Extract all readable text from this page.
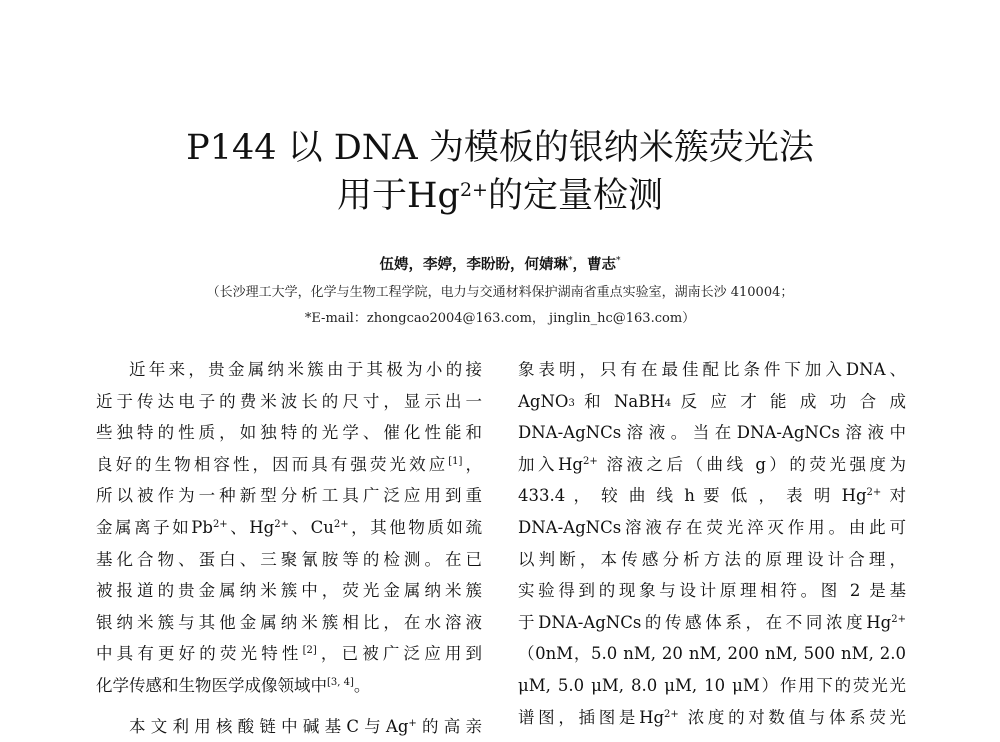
P144 以 DNA 为模板的银纳米簇荧光法
用于$Hg^{2+}$的定量检测
伍娉，李婷，李盼盼，何婧琳*，曹志*
（长沙理工大学，化学与生物工程学院，电力与交通材料保护湖南省重点实验室，湖南长沙 410004；
*E-mail：zhongcao2004@163.com， jinglin_hc@163.com）
近年来，贵金属纳米簇由于其极为小的接
近于传达电子的费米波长的尺寸，显示出一
些独特的性质，如独特的光学、催化性能和
良好的生物相容性，因而具有强荧光效应[1]，
所以被作为一种新型分析工具广泛应用到重
金属离子如$Pb^{2+}$、$Hg^{2+}$、$Cu^{2+}$，其他物质如巯
基化合物、蛋白、三聚氰胺等的检测。在已
被报道的贵金属纳米簇中，荧光金属纳米簇
银纳米簇与其他金属纳米簇相比，在水溶液
中具有更好的荧光特性[2]，已被广泛应用到
化学传感和生物医学成像领域中[3, 4]。
本文利用核酸链中碱基C与Ag+的高亲
象表明，只有在最佳配比条件下加入DNA、
AgNO$_3$ 和 NaBH$_4$ 反 应 才 能 成 功 合 成
DNA-AgNCs溶液。当在DNA-AgNCs溶液中
加入$Hg^{2+}$ 溶液之后（曲线 g）的荧光强度为
433.4 ， 较 曲 线 h 要 低 ， 表 明 $Hg^{2+}$ 对
DNA-AgNCs溶液存在荧光淬灭作用。由此可
以判断，本传感分析方法的原理设计合理，
实验得到的现象与设计原理相符。图 2 是基
于DNA-AgNCs的传感体系，在不同浓度$Hg^{2+}$
（0nM，5.0 nM, 20 nM, 200 nM, 500 nM, 2.0
μM, 5.0 μM, 8.0 μM, 10 μM）作用下的荧光光
谱图，插图是$Hg^{2+}$ 浓度的对数值与体系荧光
